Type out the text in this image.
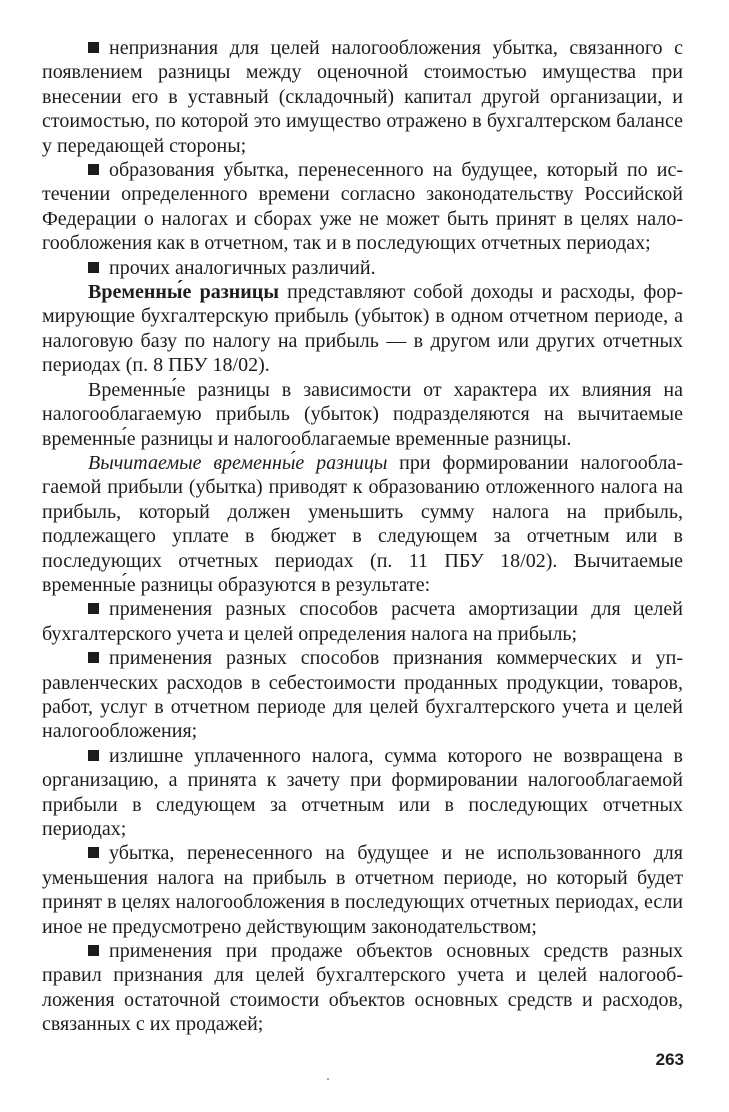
непризнания для целей налогообложения убытка, связанного с появлением разницы между оценочной стоимостью имущества при внесении его в уставный (складочный) капитал другой организации, и стоимостью, по которой это имущество отражено в бухгалтерском балансе у передающей стороны;

образования убытка, перенесенного на будущее, который по истечении определенного времени согласно законодательству Российской Федерации о налогах и сборах уже не может быть принят в целях налогообложения как в отчетном, так и в последующих отчетных периодах;

прочих аналогичных различий.

Временны́е разницы представляют собой доходы и расходы, формирующие бухгалтерскую прибыль (убыток) в одном отчетном периоде, а налоговую базу по налогу на прибыль — в другом или других отчетных периодах (п. 8 ПБУ 18/02).

Временны́е разницы в зависимости от характера их влияния на налогооблагаемую прибыль (убыток) подразделяются на вычитаемые временны́е разницы и налогооблагаемые временные разницы.

Вычитаемые временны́е разницы при формировании налогооблагаемой прибыли (убытка) приводят к образованию отложенного налога на прибыль, который должен уменьшить сумму налога на прибыль, подлежащего уплате в бюджет в следующем за отчетным или в последующих отчетных периодах (п. 11 ПБУ 18/02). Вычитаемые временны́е разницы образуются в результате:

применения разных способов расчета амортизации для целей бухгалтерского учета и целей определения налога на прибыль;

применения разных способов признания коммерческих и управленческих расходов в себестоимости проданных продукции, товаров, работ, услуг в отчетном периоде для целей бухгалтерского учета и целей налогообложения;

излишне уплаченного налога, сумма которого не возвращена в организацию, а принята к зачету при формировании налогооблагаемой прибыли в следующем за отчетным или в последующих отчетных периодах;

убытка, перенесенного на будущее и не использованного для уменьшения налога на прибыль в отчетном периоде, но который будет принят в целях налогообложения в последующих отчетных периодах, если иное не предусмотрено действующим законодательством;

применения при продаже объектов основных средств разных правил признания для целей бухгалтерского учета и целей налогообложения остаточной стоимости объектов основных средств и расходов, связанных с их продажей;

263
